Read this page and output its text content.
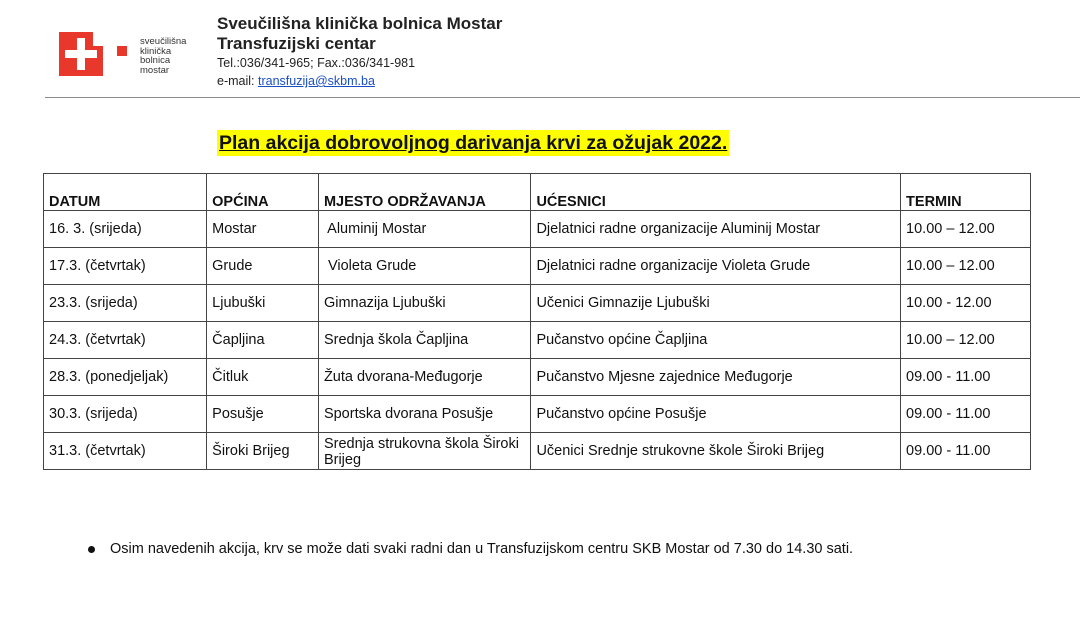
sveučilišna
klinička
bolnica
mostar
Sveučilišna klinička bolnica Mostar
Transfuzijski centar
Tel.:036/341-965; Fax.:036/341-981
e-mail: transfuzija@skbm.ba
Plan akcija dobrovoljnog darivanja krvi za ožujak 2022.
DATUM	OPĆINA	MJESTO ODRŽAVANJA	UĆESNICI	TERMIN
16. 3. (srijeda)	Mostar	Aluminij Mostar	Djelatnici radne organizacije Aluminij Mostar	10.00 – 12.00
17.3. (četvrtak)	Grude	Violeta Grude	Djelatnici radne organizacije Violeta Grude	10.00 – 12.00
23.3. (srijeda)	Ljubuški	Gimnazija Ljubuški	Učenici Gimnazije Ljubuški	10.00 - 12.00
24.3. (četvrtak)	Čapljina	Srednja škola Čapljina	Pučanstvo općine Čapljina	10.00 – 12.00
28.3. (ponedjeljak)	Čitluk	Žuta dvorana-Međugorje	Pučanstvo Mjesne zajednice Međugorje	09.00 - 11.00
30.3. (srijeda)	Posušje	Sportska dvorana Posušje	Pučanstvo općine Posušje	09.00 - 11.00
31.3. (četvrtak)	Široki Brijeg	Srednja strukovna škola Široki Brijeg	Učenici Srednje strukovne škole Široki Brijeg	09.00 - 11.00
Osim navedenih akcija, krv se može dati svaki radni dan u Transfuzijskom centru SKB Mostar od 7.30 do 14.30 sati.
